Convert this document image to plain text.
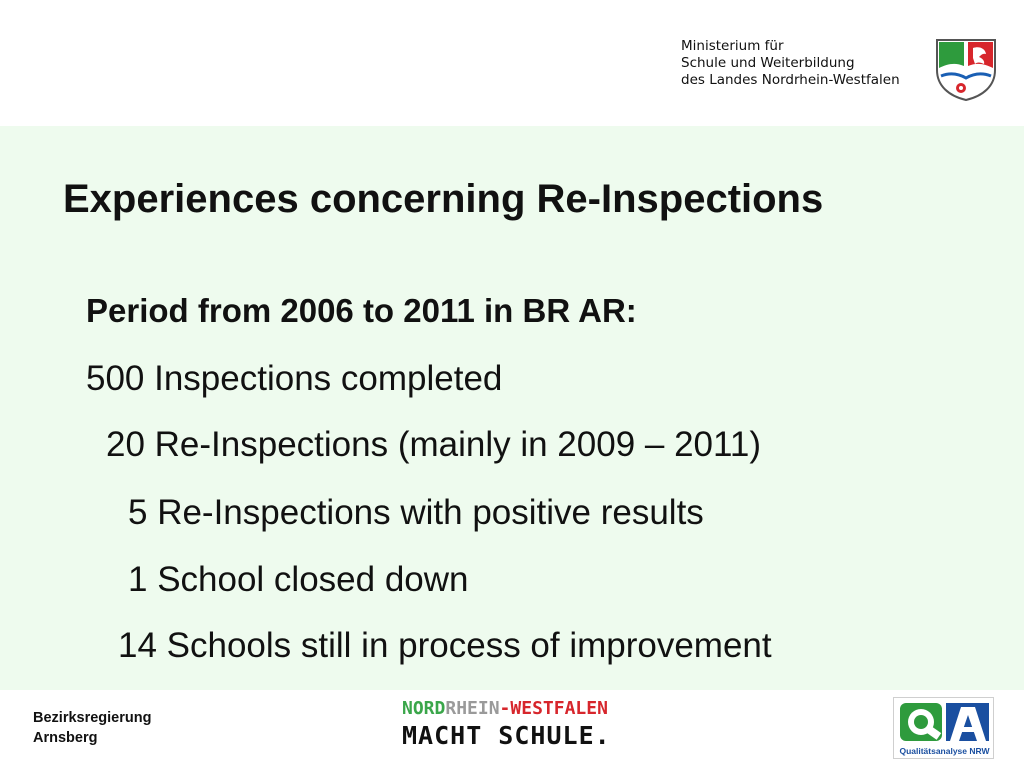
Ministerium für
Schule und Weiterbildung
des Landes Nordrhein-Westfalen
Experiences concerning Re-Inspections
Period from 2006 to 2011 in BR AR:
500 Inspections completed
20 Re-Inspections (mainly in 2009 – 2011)
5 Re-Inspections with positive results
1 School closed down
14 Schools still in process of improvement
Bezirksregierung
Arnsberg
NORDRHEIN-WESTFALEN
MACHT SCHULE.
Qualitätsanalyse NRW
